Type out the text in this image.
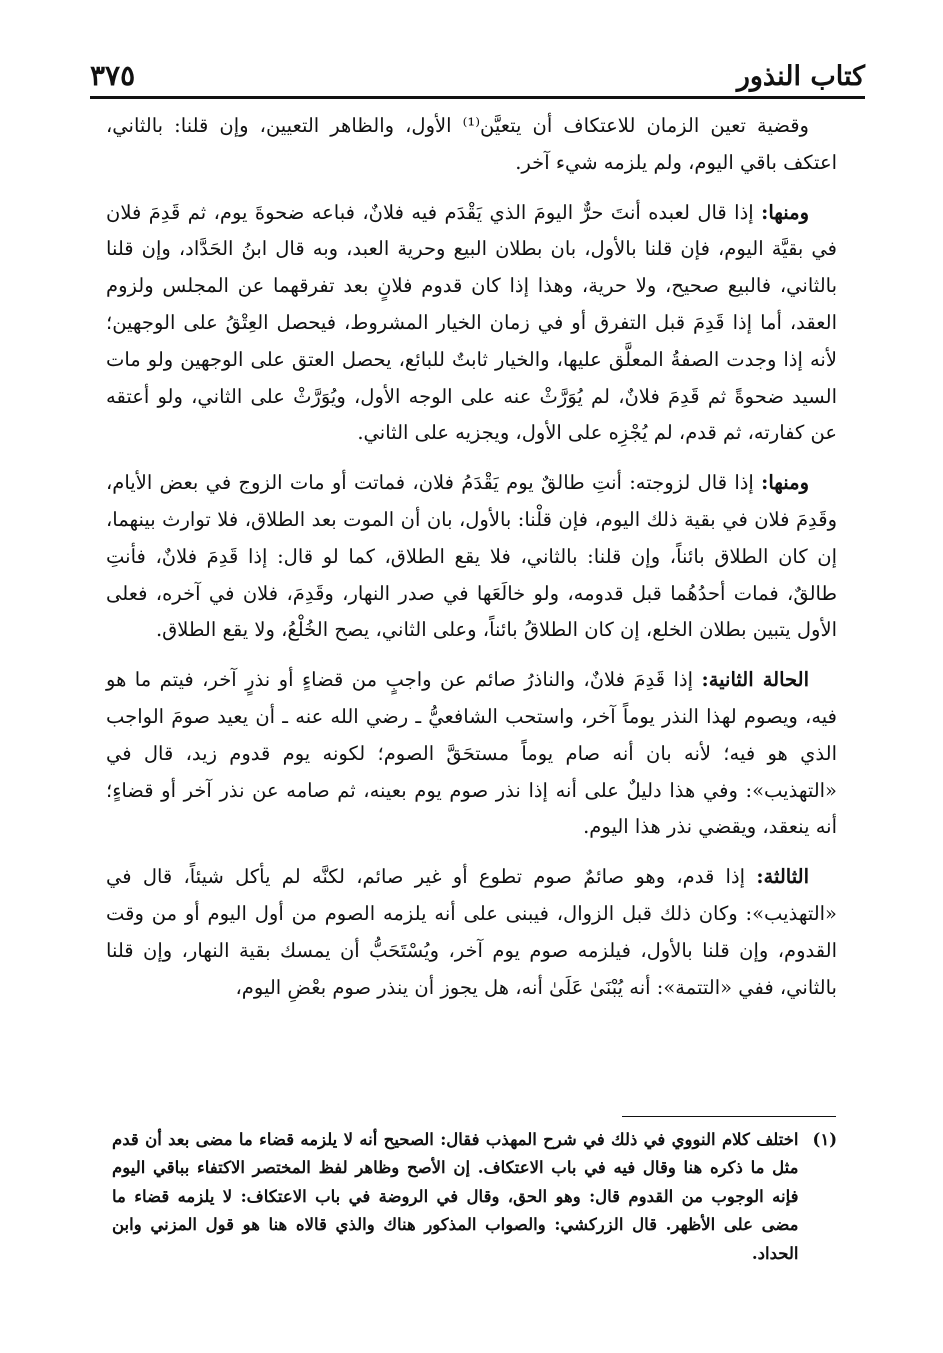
كتاب النذور
٣٧٥

وقضية تعين الزمان للاعتكاف أن يتعيَّن⁽¹⁾ الأول، والظاهر التعيين، وإن قلنا: بالثاني، اعتكف باقي اليوم، ولم يلزمه شيء آخر.

ومنها: إذا قال لعبده أنتَ حرٌّ اليومَ الذي يَقْدَم فيه فلانٌ، فباعه ضحوةَ يوم، ثم قَدِمَ فلان في بقيَّة اليوم، فإن قلنا بالأول، بان بطلان البيع وحرية العبد، وبه قال ابنُ الحَدَّاد، وإن قلنا بالثاني، فالبيع صحيح، ولا حرية، وهذا إذا كان قدوم فلانٍ بعد تفرقهما عن المجلس ولزوم العقد، أما إذا قَدِمَ قبل التفرق أو في زمان الخيار المشروط، فيحصل العِتْقُ على الوجهين؛ لأنه إذا وجدت الصفةُ المعلَّق عليها، والخيار ثابتٌ للبائع، يحصل العتق على الوجهين ولو مات السيد ضحوةً ثم قَدِمَ فلانٌ، لم يُوَرَّثْ عنه على الوجه الأول، ويُوَرَّثْ على الثاني، ولو أعتقه عن كفارته، ثم قدم، لم يُجْزِه على الأول، ويجزيه على الثاني.

ومنها: إذا قال لزوجته: أنتِ طالقٌ يوم يَقْدَمُ فلان، فماتت أو مات الزوج في بعض الأيام، وقَدِمَ فلان في بقية ذلك اليوم، فإن قلْنا: بالأول، بان أن الموت بعد الطلاق، فلا توارث بينهما، إن كان الطلاق بائناً، وإن قلنا: بالثاني، فلا يقع الطلاق، كما لو قال: إذا قَدِمَ فلانٌ، فأنتِ طالقٌ، فمات أحدُهُما قبل قدومه، ولو خالَعَها في صدر النهار، وقَدِمَ، فلان في آخره، فعلى الأول يتبين بطلان الخلع، إن كان الطلاقُ بائناً، وعلى الثاني، يصح الخُلْعُ، ولا يقع الطلاق.

الحالة الثانية: إذا قَدِمَ فلانٌ، والناذرُ صائم عن واجبٍ من قضاءٍ أو نذرٍ آخر، فيتم ما هو فيه، ويصوم لهذا النذر يوماً آخر، واستحب الشافعيُّ ـ رضي الله عنه ـ أن يعيد صومَ الواجب الذي هو فيه؛ لأنه بان أنه صام يوماً مستحَقَّ الصوم؛ لكونه يوم قدوم زيد، قال في «التهذيب»: وفي هذا دليلٌ على أنه إذا نذر صوم يوم بعينه، ثم صامه عن نذر آخر أو قضاءٍ؛ أنه ينعقد، ويقضي نذر هذا اليوم.

الثالثة: إذا قدم، وهو صائمٌ صوم تطوع أو غير صائم، لكنَّه لم يأكل شيئاً، قال في «التهذيب»: وكان ذلك قبل الزوال، فيبنى على أنه يلزمه الصوم من أول اليوم أو من وقت القدوم، وإن قلنا بالأول، فيلزمه صوم يوم آخر، ويُسْتَحَبُّ أن يمسك بقية النهار، وإن قلنا بالثاني، ففي «التتمة»: أنه يُبْنَىٰ عَلَىٰ أنه، هل يجوز أن ينذر صوم بعْضِ اليوم،

(١)

اختلف كلام النووي في ذلك في شرح المهذب فقال: الصحيح أنه لا يلزمه قضاء ما مضى بعد أن قدم مثل ما ذكره هنا وقال فيه في باب الاعتكاف. إن الأصح وظاهر لفظ المختصر الاكتفاء بباقي اليوم فإنه الوجوب من القدوم قال: وهو الحق، وقال في الروضة في باب الاعتكاف: لا يلزمه قضاء ما مضى على الأظهر. قال الزركشي: والصواب المذكور هناك والذي قالاه هنا هو قول المزني وابن الحداد.
